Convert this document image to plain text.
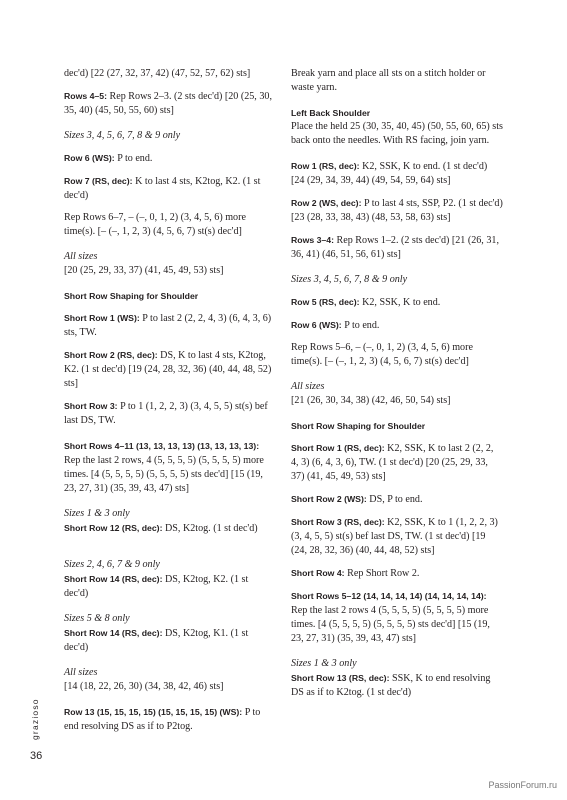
dec'd) [22 (27, 32, 37, 42) (47, 52, 57, 62) sts]

Rows 4–5: Rep Rows 2–3. (2 sts dec'd) [20 (25, 30, 35, 40) (45, 50, 55, 60) sts]

Sizes 3, 4, 5, 6, 7, 8 & 9 only

Row 6 (WS): P to end.

Row 7 (RS, dec): K to last 4 sts, K2tog, K2. (1 st dec'd)

Rep Rows 6–7, – (–, 0, 1, 2) (3, 4, 5, 6) more time(s). [– (–, 1, 2, 3) (4, 5, 6, 7) st(s) dec'd]

All sizes
[20 (25, 29, 33, 37) (41, 45, 49, 53) sts]

Short Row Shaping for Shoulder

Short Row 1 (WS): P to last 2 (2, 2, 4, 3) (6, 4, 3, 6) sts, TW.

Short Row 2 (RS, dec): DS, K to last 4 sts, K2tog, K2. (1 st dec'd) [19 (24, 28, 32, 36) (40, 44, 48, 52) sts]

Short Row 3: P to 1 (1, 2, 2, 3) (3, 4, 5, 5) st(s) bef last DS, TW.

Short Rows 4–11 (13, 13, 13, 13) (13, 13, 13, 13): Rep the last 2 rows, 4 (5, 5, 5, 5) (5, 5, 5, 5) more times. [4 (5, 5, 5, 5) (5, 5, 5, 5) sts dec'd] [15 (19, 23, 27, 31) (35, 39, 43, 47) sts]

Sizes 1 & 3 only
Short Row 12 (RS, dec): DS, K2tog. (1 st dec'd)

Sizes 2, 4, 6, 7 & 9 only
Short Row 14 (RS, dec): DS, K2tog, K2. (1 st dec'd)

Sizes 5 & 8 only
Short Row 14 (RS, dec): DS, K2tog, K1. (1 st dec'd)

All sizes
[14 (18, 22, 26, 30) (34, 38, 42, 46) sts]

Row 13 (15, 15, 15, 15) (15, 15, 15, 15) (WS): P to end resolving DS as if to P2tog.

Break yarn and place all sts on a stitch holder or waste yarn.

Left Back Shoulder
Place the held 25 (30, 35, 40, 45) (50, 55, 60, 65) sts back onto the needles. With RS facing, join yarn.

Row 1 (RS, dec): K2, SSK, K to end. (1 st dec'd) [24 (29, 34, 39, 44) (49, 54, 59, 64) sts]

Row 2 (WS, dec): P to last 4 sts, SSP, P2. (1 st dec'd) [23 (28, 33, 38, 43) (48, 53, 58, 63) sts]

Rows 3–4: Rep Rows 1–2. (2 sts dec'd) [21 (26, 31, 36, 41) (46, 51, 56, 61) sts]

Sizes 3, 4, 5, 6, 7, 8 & 9 only

Row 5 (RS, dec): K2, SSK, K to end.

Row 6 (WS): P to end.

Rep Rows 5–6, – (–, 0, 1, 2) (3, 4, 5, 6) more time(s). [– (–, 1, 2, 3) (4, 5, 6, 7) st(s) dec'd]

All sizes
[21 (26, 30, 34, 38) (42, 46, 50, 54) sts]

Short Row Shaping for Shoulder

Short Row 1 (RS, dec): K2, SSK, K to last 2 (2, 2, 4, 3) (6, 4, 3, 6), TW. (1 st dec'd) [20 (25, 29, 33, 37) (41, 45, 49, 53) sts]

Short Row 2 (WS): DS, P to end.

Short Row 3 (RS, dec): K2, SSK, K to 1 (1, 2, 2, 3) (3, 4, 5, 5) st(s) bef last DS, TW. (1 st dec'd) [19 (24, 28, 32, 36) (40, 44, 48, 52) sts]

Short Row 4: Rep Short Row 2.

Short Rows 5–12 (14, 14, 14, 14) (14, 14, 14, 14): Rep the last 2 rows 4 (5, 5, 5, 5) (5, 5, 5, 5) more times. [4 (5, 5, 5, 5) (5, 5, 5, 5) sts dec'd] [15 (19, 23, 27, 31) (35, 39, 43, 47) sts]

Sizes 1 & 3 only
Short Row 13 (RS, dec): SSK, K to end resolving DS as if to K2tog. (1 st dec'd)

grazioso
36
PassionForum.ru
